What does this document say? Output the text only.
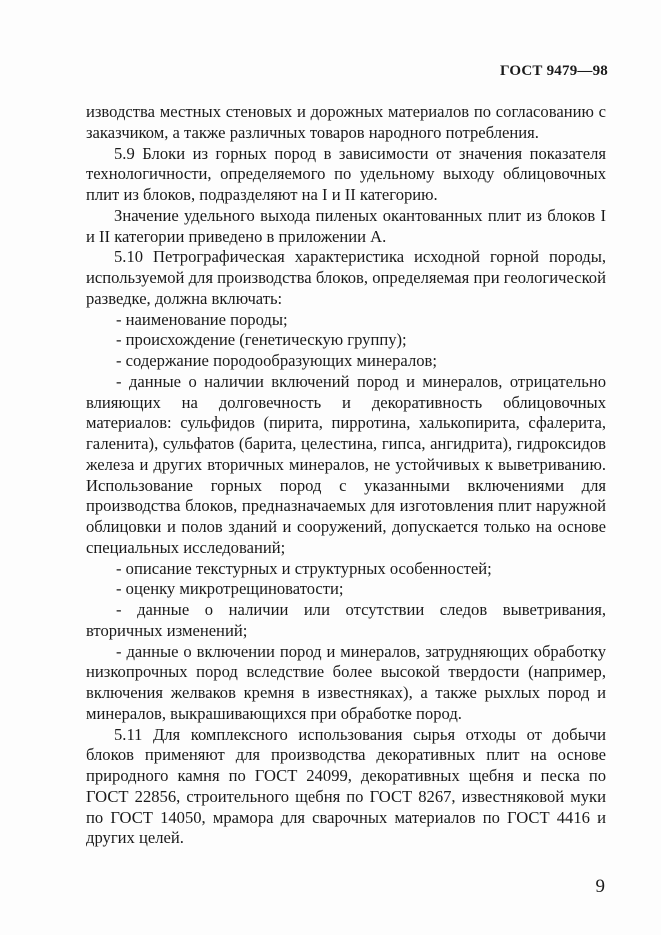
ГОСТ 9479—98

изводства местных стеновых и дорожных материалов по согласованию с заказчиком, а также различных товаров народного потребления.

5.9 Блоки из горных пород в зависимости от значения показателя технологичности, определяемого по удельному выходу облицовочных плит из блоков, подразделяют на I и II категорию.

Значение удельного выхода пиленых окантованных плит из блоков I и II категории приведено в приложении А.

5.10 Петрографическая характеристика исходной горной породы, используемой для производства блоков, определяемая при геологической разведке, должна включать:

- наименование породы;

- происхождение (генетическую группу);

- содержание породообразующих минералов;

- данные о наличии включений пород и минералов, отрицательно влияющих на долговечность и декоративность облицовочных материалов: сульфидов (пирита, пирротина, халькопирита, сфалерита, галенита), сульфатов (барита, целестина, гипса, ангидрита), гидроксидов железа и других вторичных минералов, не устойчивых к выветриванию. Использование горных пород с указанными включениями для производства блоков, предназначаемых для изготовления плит наружной облицовки и полов зданий и сооружений, допускается только на основе специальных исследований;

- описание текстурных и структурных особенностей;

- оценку микротрещиноватости;

- данные о наличии или отсутствии следов выветривания, вторичных изменений;

- данные о включении пород и минералов, затрудняющих обработку низкопрочных пород вследствие более высокой твердости (например, включения желваков кремня в известняках), а также рыхлых пород и минералов, выкрашивающихся при обработке пород.

5.11 Для комплексного использования сырья отходы от добычи блоков применяют для производства декоративных плит на основе природного камня по ГОСТ 24099, декоративных щебня и песка по ГОСТ 22856, строительного щебня по ГОСТ 8267, известняковой муки по ГОСТ 14050, мрамора для сварочных материалов по ГОСТ 4416 и других целей.

9
